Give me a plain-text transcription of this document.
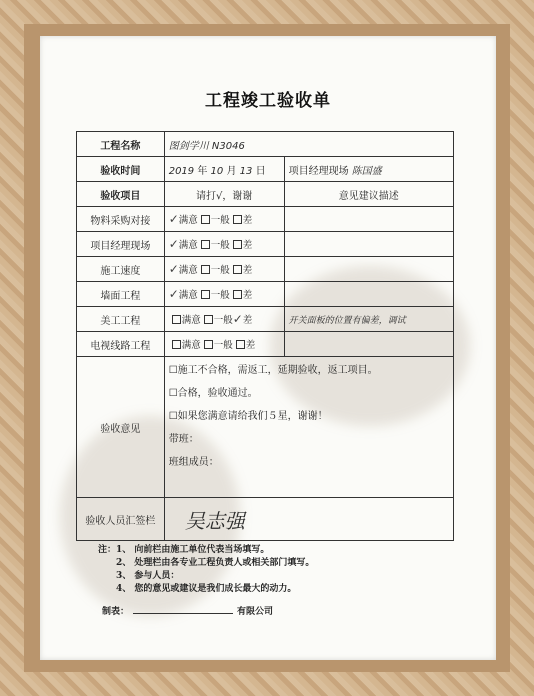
工程竣工验收单
工程名称	图剑学川 N3046	
验收时间	2019 年 10 月 13 日	项目经理现场 陈国盛
验收项目	请打√，谢谢	意见建议描述
物料采购对接	✓满意 一般 差	
项目经理现场	✓满意 一般 差	
施工速度	✓满意 一般 差	
墙面工程	✓满意 一般 差	
美工工程	满意 一般✓差	开关面板的位置有偏差，调试
电视线路工程	满意 一般 差	
验收意见	☐施工不合格，需返工，延期验收，返工项目。
☐合格，验收通过。
☐如果您满意请给我们５星，谢谢！
带班：
班组成员：	

验收人员汇签栏	吴志强	
注：1、 向前栏由施工单位代表当场填写。
2、 处理栏由各专业工程负责人或相关部门填写。
3、 参与人员：
4、 您的意见或建议是我们成长最大的动力。
制表：	有限公司
